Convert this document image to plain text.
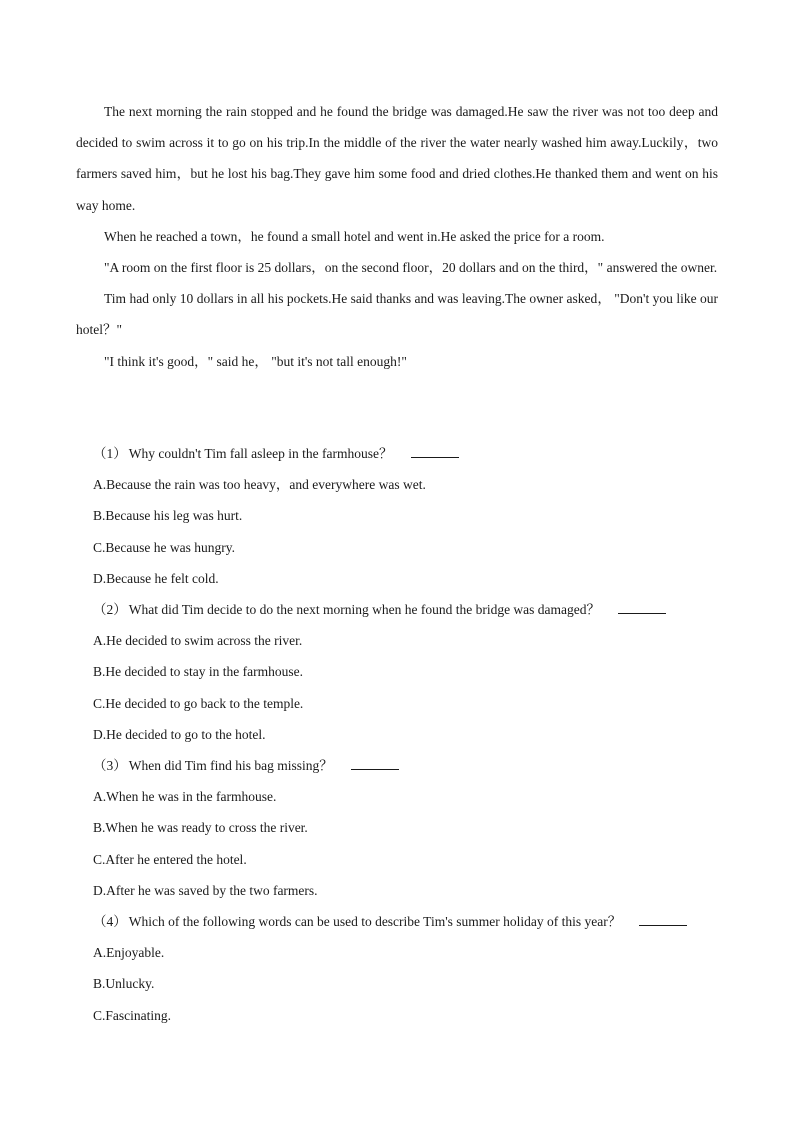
The next morning the rain stopped and he found the bridge was damaged.He saw the river was not too deep and decided to swim across it to go on his trip.In the middle of the river the water nearly washed him away.Luckily，two farmers saved him，but he lost his bag.They gave him some food and dried clothes.He thanked them and went on his way home.

When he reached a town，he found a small hotel and went in.He asked the price for a room.

"A room on the first floor is 25 dollars，on the second floor，20 dollars and on the third，" answered the owner.

Tim had only 10 dollars in all his pockets.He said thanks and was leaving.The owner asked， "Don't you like our hotel？"

"I think it's good，" said he， "but it's not tall enough!"

（1） Why couldn't Tim fall asleep in the farmhouse？

A.Because the rain was too heavy，and everywhere was wet.

B.Because his leg was hurt.

C.Because he was hungry.

D.Because he felt cold.

（2） What did Tim decide to do the next morning when he found the bridge was damaged？

A.He decided to swim across the river.

B.He decided to stay in the farmhouse.

C.He decided to go back to the temple.

D.He decided to go to the hotel.

（3） When did Tim find his bag missing？

A.When he was in the farmhouse.

B.When he was ready to cross the river.

C.After he entered the hotel.

D.After he was saved by the two farmers.

（4） Which of the following words can be used to describe Tim's summer holiday of this year？

A.Enjoyable.

B.Unlucky.

C.Fascinating.
